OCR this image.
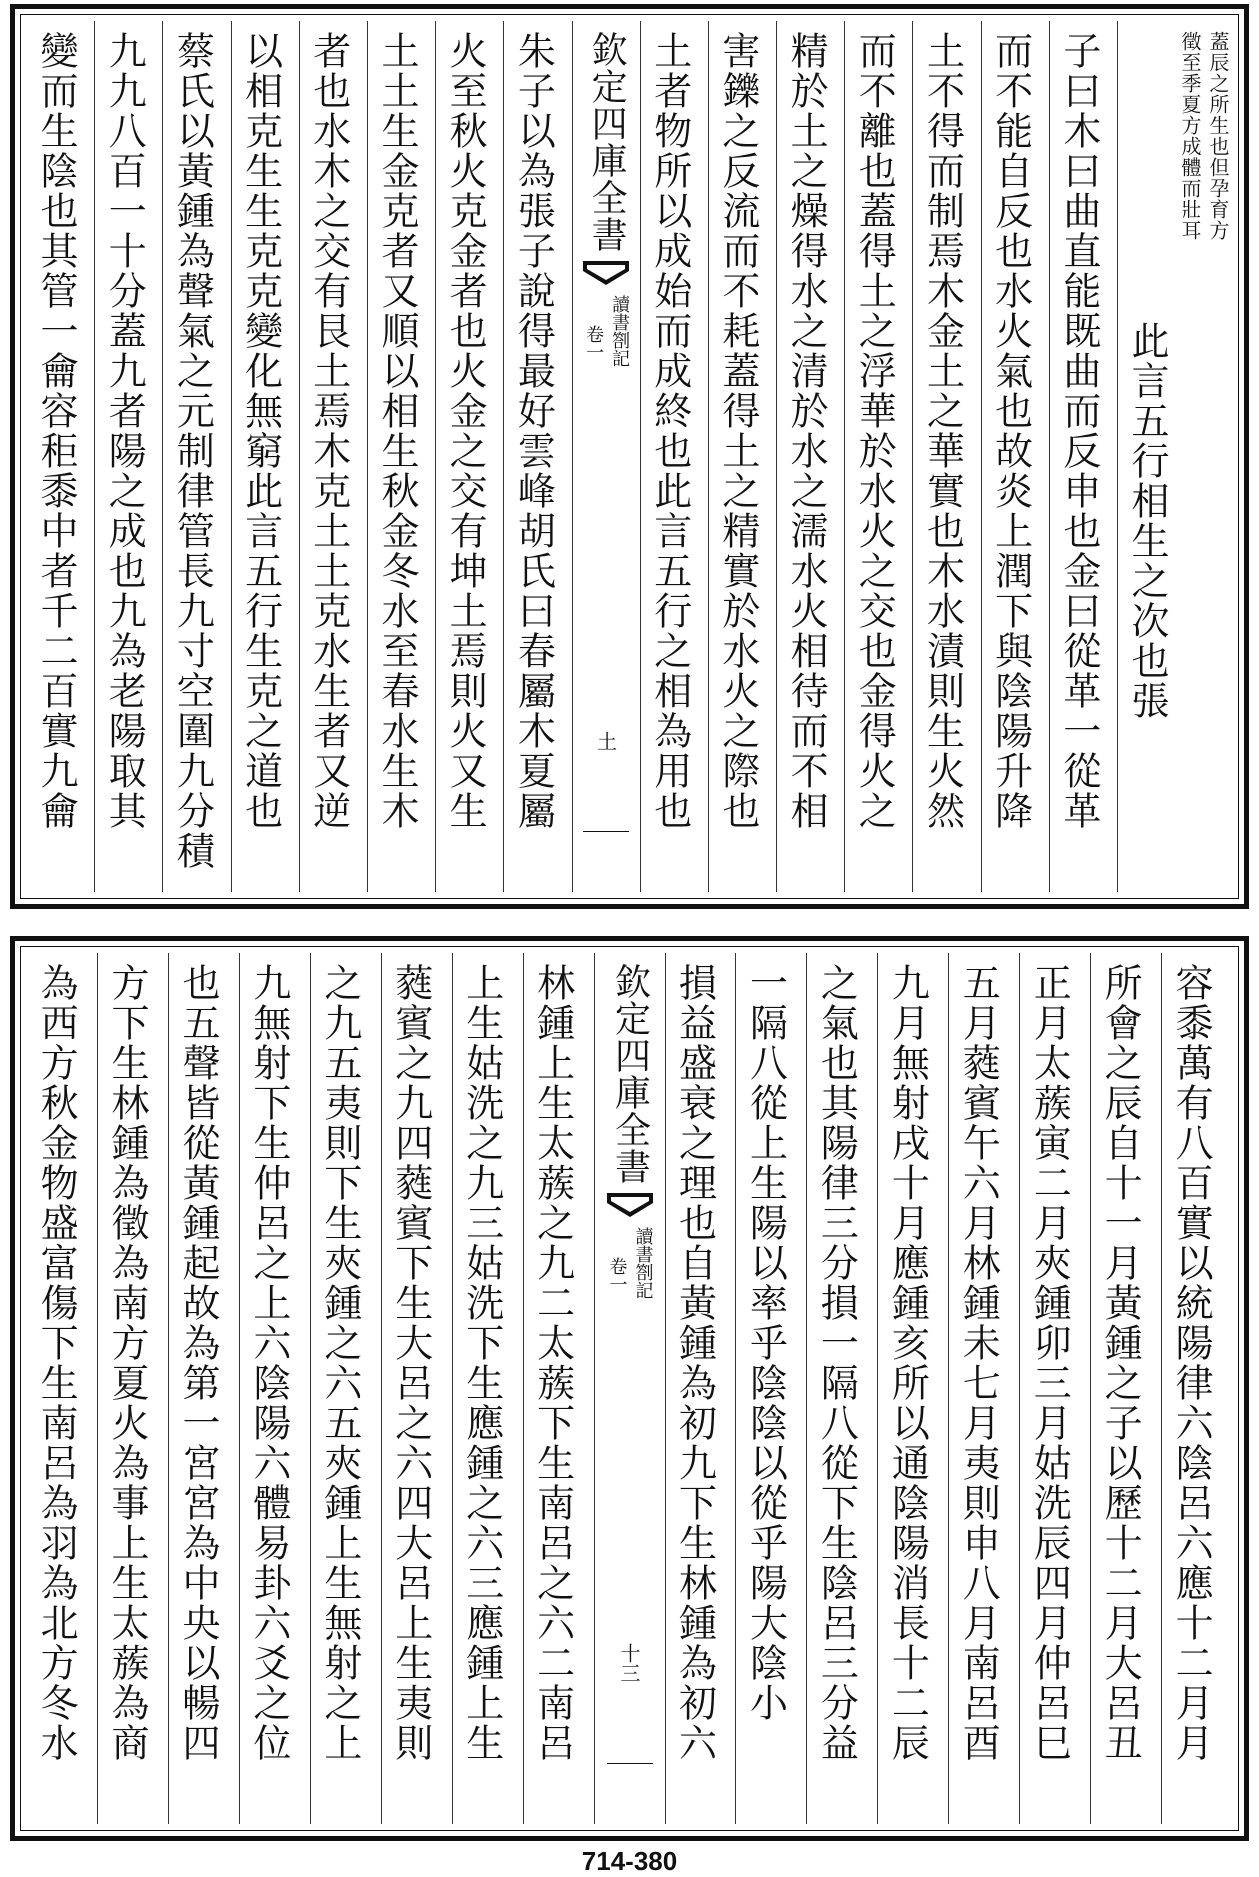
蓋辰之所生也但孕育方
徵至季夏方成體而壯耳
此言五行相生之次也張
子曰木曰曲直能既曲而反申也金曰從革一從革
而不能自反也水火氣也故炎上潤下與陰陽升降
土不得而制焉木金土之華實也木水漬則生火然
而不離也蓋得土之浮華於水火之交也金得火之
精於土之燥得水之清於水之濡水火相待而不相
害鑠之反流而不耗蓋得土之精實於水火之際也
土者物所以成始而成終也此言五行之相為用也
欽定四庫全書
讀書劄記
卷一
土
朱子以為張子說得最好雲峰胡氏曰春屬木夏屬
火至秋火克金者也火金之交有坤土焉則火又生
土土生金克者又順以相生秋金冬水至春水生木
者也水木之交有艮土焉木克土土克水生者又逆
以相克生生克克變化無窮此言五行生克之道也
蔡氏以黃鍾為聲氣之元制律管長九寸空圍九分積
九九八百一十分蓋九者陽之成也九為老陽取其
變而生陰也其管一龠容秬黍中者千二百實九龠
容黍萬有八百實以統陽律六陰呂六應十二月月
所會之辰自十一月黃鍾之子以歷十二月大呂丑
正月太蔟寅二月夾鍾卯三月姑洗辰四月仲呂巳
五月蕤賓午六月林鍾未七月夷則申八月南呂酉
九月無射戌十月應鍾亥所以通陰陽消長十二辰
之氣也其陽律三分損一隔八從下生陰呂三分益
一隔八從上生陽以率乎陰陰以從乎陽大陰小
損益盛衰之理也自黃鍾為初九下生林鍾為初六
欽定四庫全書
讀書劄記
卷一
十三
林鍾上生太蔟之九二太蔟下生南呂之六二南呂
上生姑洗之九三姑洗下生應鍾之六三應鍾上生
蕤賓之九四蕤賓下生大呂之六四大呂上生夷則
之九五夷則下生夾鍾之六五夾鍾上生無射之上
九無射下生仲呂之上六陰陽六體易卦六爻之位
也五聲皆從黃鍾起故為第一宮宮為中央以暢四
方下生林鍾為徵為南方夏火為事上生太蔟為商
為西方秋金物盛富傷下生南呂為羽為北方冬水
714-380
